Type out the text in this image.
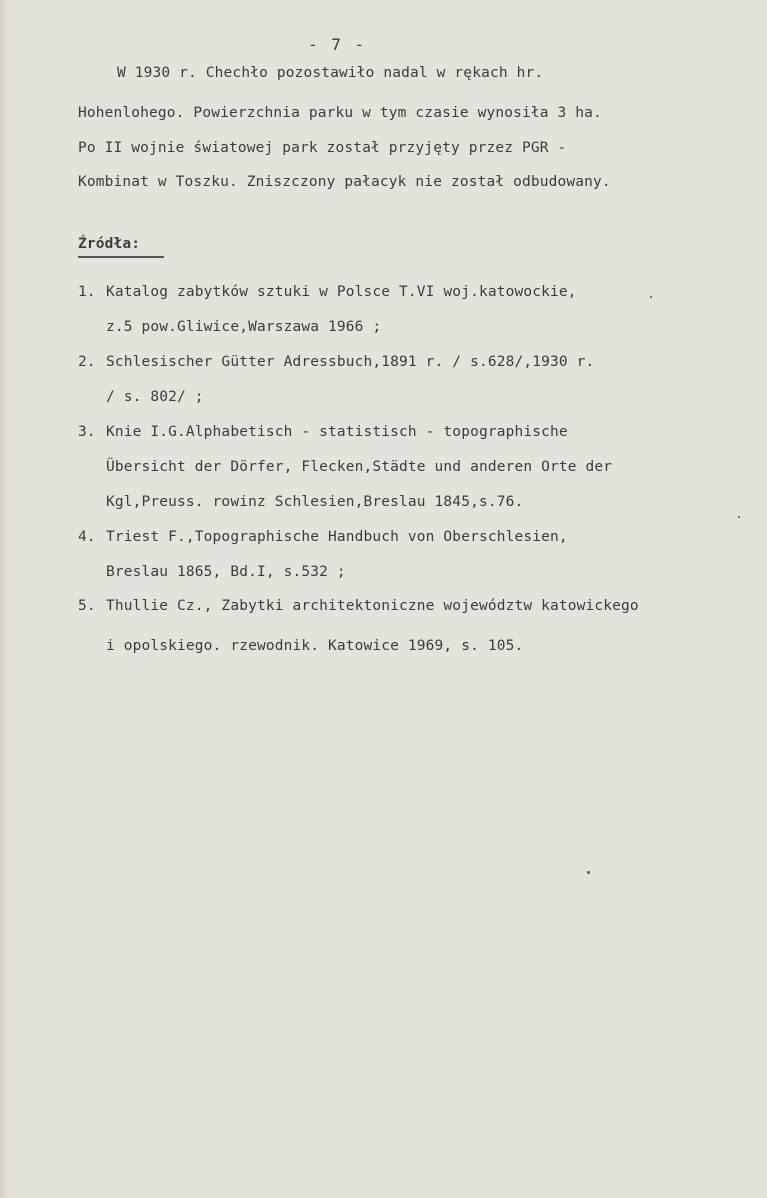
- 7 -
W 1930 r. Chechło pozostawiło nadal w rękach hr.
Hohenlohego. Powierzchnia parku w tym czasie wynosiła 3 ha.
Po II wojnie światowej park został przyjęty przez PGR -
Kombinat w Toszku. Zniszczony pałacyk nie został odbudowany.
Źródła:
1. Katalog zabytków sztuki w Polsce T.VI woj.katowockie,
z.5 pow.Gliwice,Warszawa 1966 ;
2. Schlesischer Gütter Adressbuch,1891 r. / s.628/,1930 r.
/ s. 802/ ;
3. Knie I.G.Alphabetisch - statistisch - topographische
Übersicht der Dörfer, Flecken,Städte und anderen Orte der
Kgl,Preuss. rowinz Schlesien,Breslau 1845,s.76.
4. Triest F.,Topographische Handbuch von Oberschlesien,
Breslau 1865, Bd.I, s.532 ;
5. Thullie Cz., Zabytki architektoniczne województw katowickego
i opolskiego. rzewodnik. Katowice 1969, s. 105.
